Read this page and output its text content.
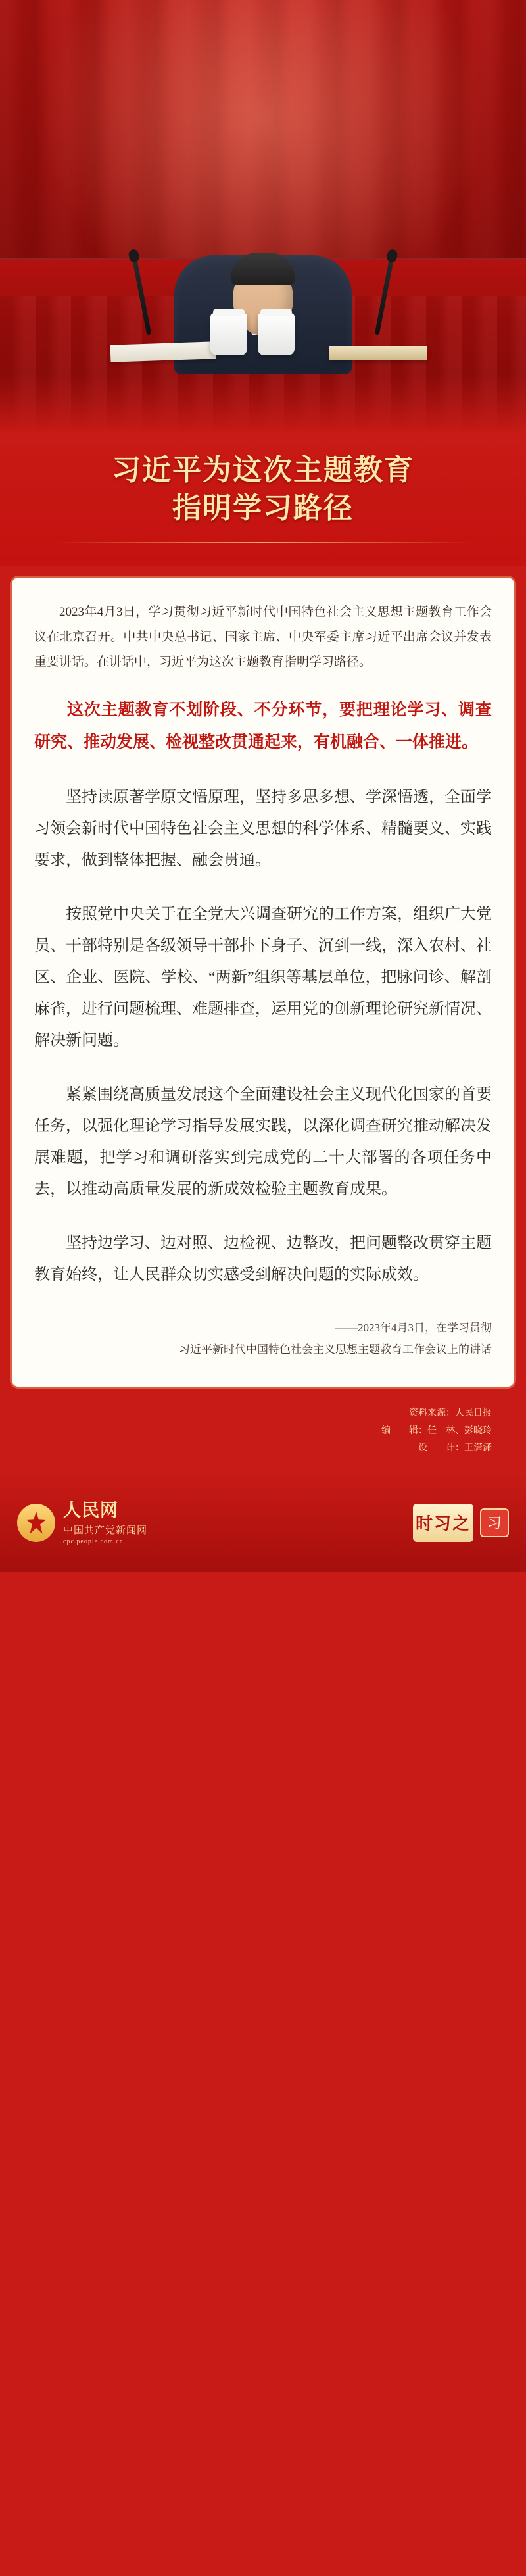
习近平为这次主题教育
指明学习路径

2023年4月3日，学习贯彻习近平新时代中国特色社会主义思想主题教育工作会议在北京召开。中共中央总书记、国家主席、中央军委主席习近平出席会议并发表重要讲话。在讲话中，习近平为这次主题教育指明学习路径。

这次主题教育不划阶段、不分环节，要把理论学习、调查研究、推动发展、检视整改贯通起来，有机融合、一体推进。

坚持读原著学原文悟原理，坚持多思多想、学深悟透，全面学习领会新时代中国特色社会主义思想的科学体系、精髓要义、实践要求，做到整体把握、融会贯通。

按照党中央关于在全党大兴调查研究的工作方案，组织广大党员、干部特别是各级领导干部扑下身子、沉到一线，深入农村、社区、企业、医院、学校、“两新”组织等基层单位，把脉问诊、解剖麻雀，进行问题梳理、难题排查，运用党的创新理论研究新情况、解决新问题。

紧紧围绕高质量发展这个全面建设社会主义现代化国家的首要任务，以强化理论学习指导发展实践，以深化调查研究推动解决发展难题，把学习和调研落实到完成党的二十大部署的各项任务中去，以推动高质量发展的新成效检验主题教育成果。

坚持边学习、边对照、边检视、边整改，把问题整改贯穿主题教育始终，让人民群众切实感受到解决问题的实际成效。

——2023年4月3日，在学习贯彻
习近平新时代中国特色社会主义思想主题教育工作会议上的讲话
资料来源：人民日报
编　　辑：任一林、彭晓玲
设　　计：王潇潇
人民网
中国共产党新闻网
cpc.people.com.cn
时习之	习
